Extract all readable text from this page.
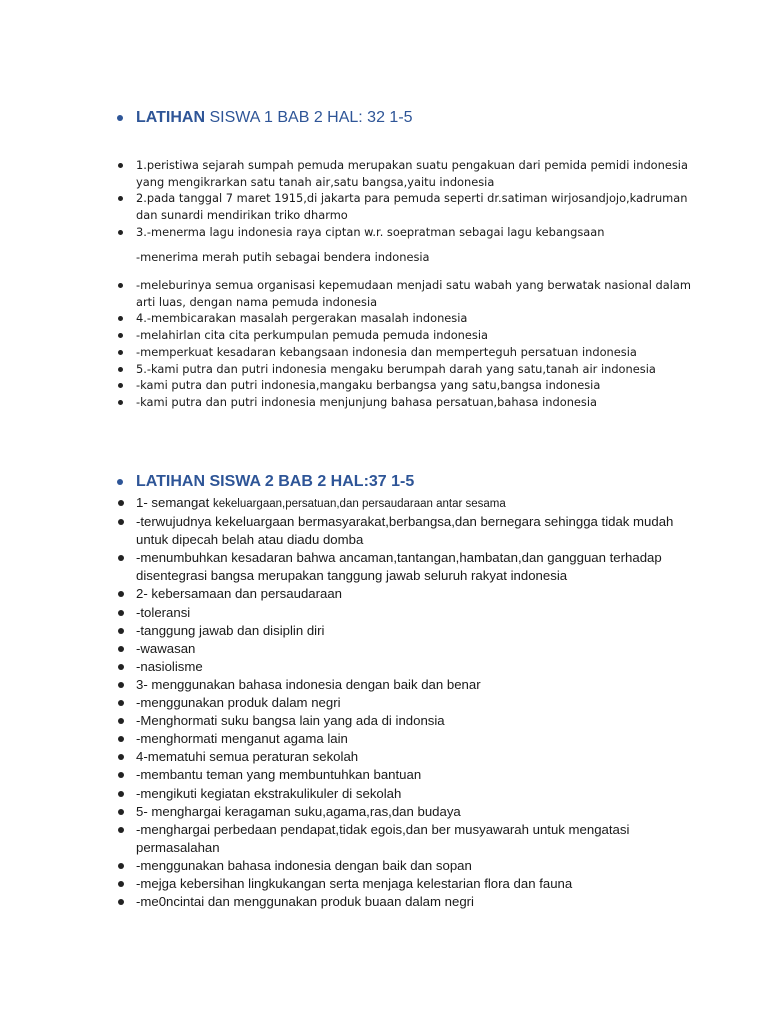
LATIHAN SISWA 1 BAB 2 HAL: 32 1-5
1.peristiwa sejarah sumpah pemuda merupakan suatu pengakuan dari pemida pemidi indonesia yang mengikrarkan satu tanah air,satu bangsa,yaitu indonesia
2.pada tanggal 7 maret 1915,di jakarta para pemuda seperti dr.satiman wirjosandjojo,kadruman dan sunardi mendirikan triko dharmo
3.-menerma lagu indonesia raya ciptan w.r. soepratman sebagai lagu kebangsaan
-menerima merah putih sebagai bendera indonesia
-meleburinya semua organisasi kepemudaan menjadi satu wabah yang berwatak nasional dalam arti luas, dengan nama pemuda indonesia
4.-membicarakan masalah pergerakan masalah indonesia
-melahirlan cita cita perkumpulan pemuda pemuda indonesia
-memperkuat kesadaran kebangsaan indonesia dan memperteguh persatuan indonesia
5.-kami putra dan putri indonesia mengaku berumpah darah yang satu,tanah air indonesia
-kami putra dan putri indonesia,mangaku berbangsa yang satu,bangsa indonesia
-kami putra dan putri indonesia menjunjung bahasa persatuan,bahasa indonesia
LATIHAN SISWA 2 BAB 2 HAL:37 1-5
1- semangat kekeluargaan,persatuan,dan persaudaraan antar sesama
-terwujudnya kekeluargaan bermasyarakat,berbangsa,dan bernegara sehingga tidak mudah untuk dipecah belah atau diadu domba
-menumbuhkan kesadaran bahwa ancaman,tantangan,hambatan,dan gangguan terhadap disentegrasi bangsa merupakan tanggung jawab seluruh rakyat indonesia
2- kebersamaan dan persaudaraan
-toleransi
-tanggung jawab dan disiplin diri
-wawasan
-nasiolisme
3- menggunakan bahasa indonesia dengan baik dan benar
-menggunakan produk dalam negri
-Menghormati suku bangsa lain yang ada di indonsia
-menghormati menganut agama lain
4-mematuhi semua peraturan sekolah
-membantu teman yang membuntuhkan bantuan
-mengikuti kegiatan ekstrakulikuler di sekolah
5- menghargai keragaman suku,agama,ras,dan budaya
-menghargai perbedaan pendapat,tidak egois,dan ber musyawarah untuk mengatasi permasalahan
-menggunakan bahasa indonesia dengan baik dan sopan
-mejga kebersihan lingkukangan serta menjaga kelestarian flora dan fauna
-me0ncintai dan menggunakan produk buaan dalam negri
